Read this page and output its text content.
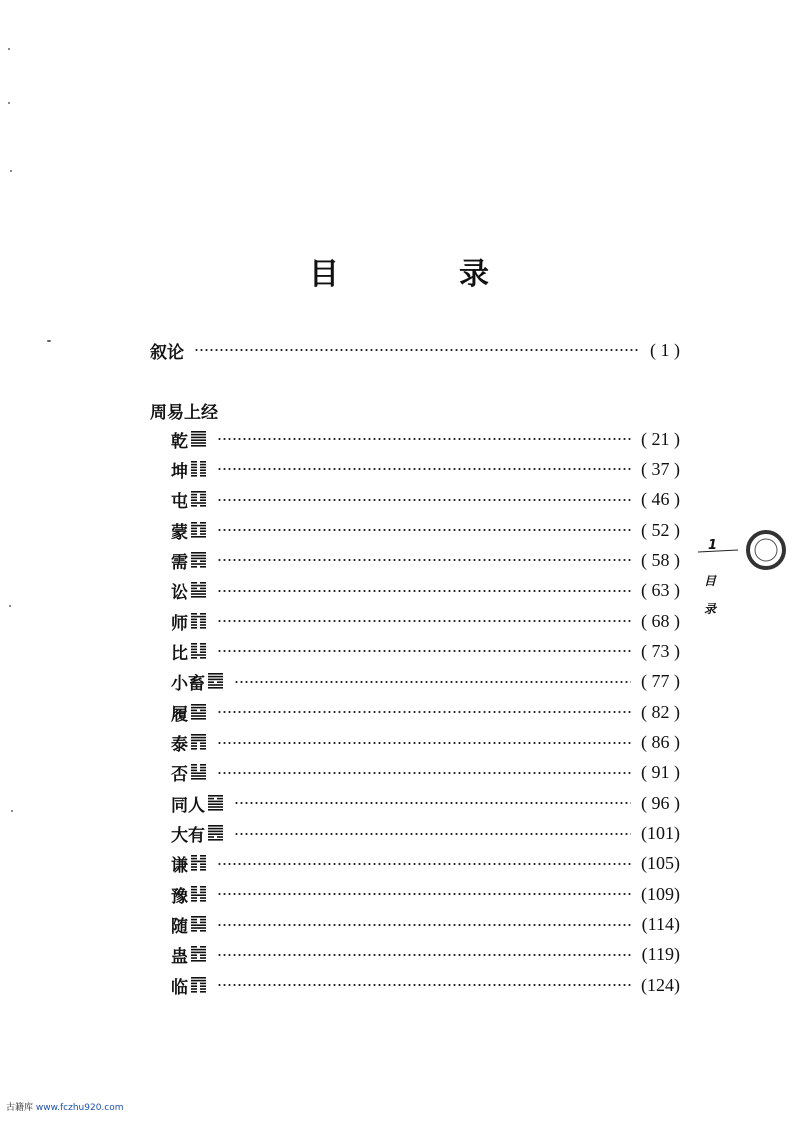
目 录
叙论	( 1 )
周易上经
乾	( 21 )
坤	( 37 )
屯	( 46 )
蒙	( 52 )
需	( 58 )
讼	( 63 )
师	( 68 )
比	( 73 )
小畜	( 77 )
履	( 82 )
泰	( 86 )
否	( 91 )
同人	( 96 )
大有	(101)
谦	(105)
豫	(109)
随	(114)
蛊	(119)
临	(124)
1
目
录
古籍库 www.fczhu920.com
